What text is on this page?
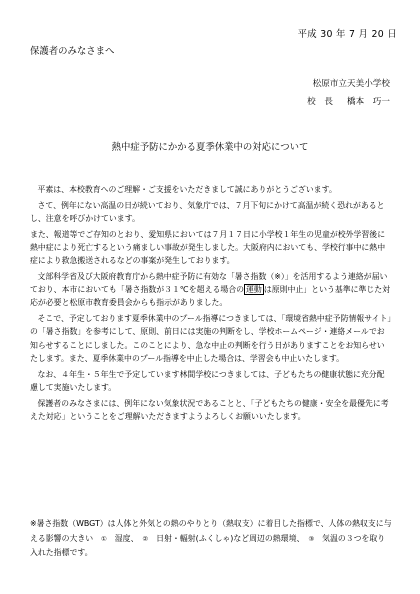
平成 30 年 7 月 20 日
保護者のみなさまへ
松原市立天美小学校
校　長 　 橋本　巧一
熱中症予防にかかる夏季休業中の対応について

平素は、本校教育へのご理解・ご支援をいただきまして誠にありがとうございます。

さて、例年にない高温の日が続いており、気象庁では、７月下旬にかけて高温が続く恐れがあるとし、注意を呼びかけています。

また、報道等でご存知のとおり、愛知県においては７月１７日に小学校１年生の児童が校外学習後に熱中症により死亡するという痛ましい事故が発生しました。大阪府内においても、学校行事中に熱中症により救急搬送されるなどの事案が発生しております。

文部科学省及び大阪府教育庁から熱中症予防に有効な「暑さ指数（※）」を活用するよう連絡が届いており、本市においても「暑さ指数が３１℃を超える場合の 運動 は原則中止」という基準に準じた対応が必要と松原市教育委員会からも指示がありました。

そこで、予定しております夏季休業中のプール指導につきましては、「環境省熱中症予防情報サイト」の「暑さ指数」を参考にして、原則、前日には実施の判断をし、学校ホームページ・連絡メールでお知らせすることにしました。このことにより、急な中止の判断を行う日がありますことをお知らせいたします。また、夏季休業中のプール指導を中止した場合は、学習会も中止いたします。

なお、４年生・５年生で予定しています林間学校につきましては、子どもたちの健康状態に充分配慮して実施いたします。

保護者のみなさまには、例年にない気象状況であることと、「子どもたちの健康・安全を最優先に考えた対応」ということをご理解いただきますようよろしくお願いいたします。

※暑さ指数（WBGT）は人体と外気との熱のやりとり（熱収支）に着目した指標で、人体の熱収支に与える影響の大きい　 ①　 湿度、　 ②　 日射・輻射(ふくしゃ)など周辺の熱環境、　 ③　 気温の３つを取り入れた指標です。
